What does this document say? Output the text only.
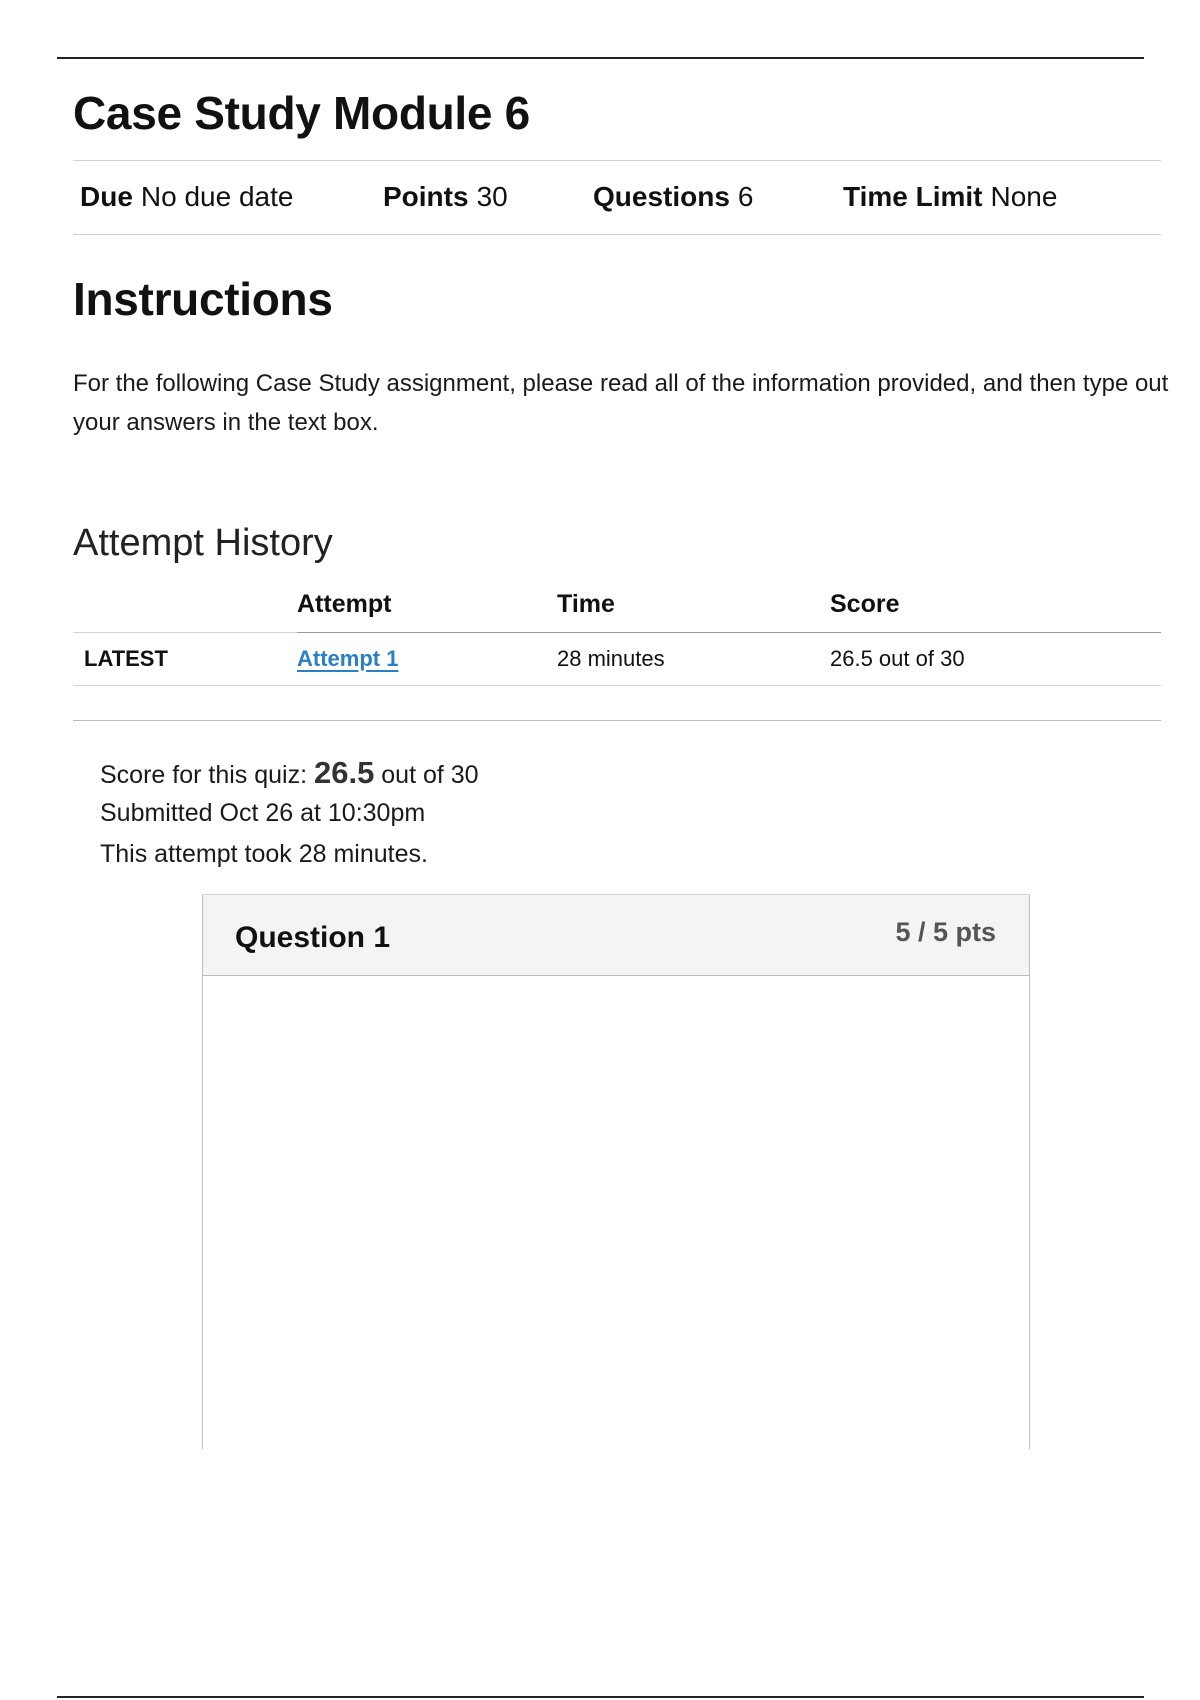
Case Study Module 6
Due No due date	Points 30	Questions 6	Time Limit None
Instructions

For the following Case Study assignment, please read all of the information provided, and then type out your answers in the text box.

Attempt History
	Attempt	Time	Score
LATEST	Attempt 1	28 minutes	26.5 out of 30
Score for this quiz: 26.5 out of 30
Submitted Oct 26 at 10:30pm
This attempt took 28 minutes.
Question 1	5 / 5 pts
